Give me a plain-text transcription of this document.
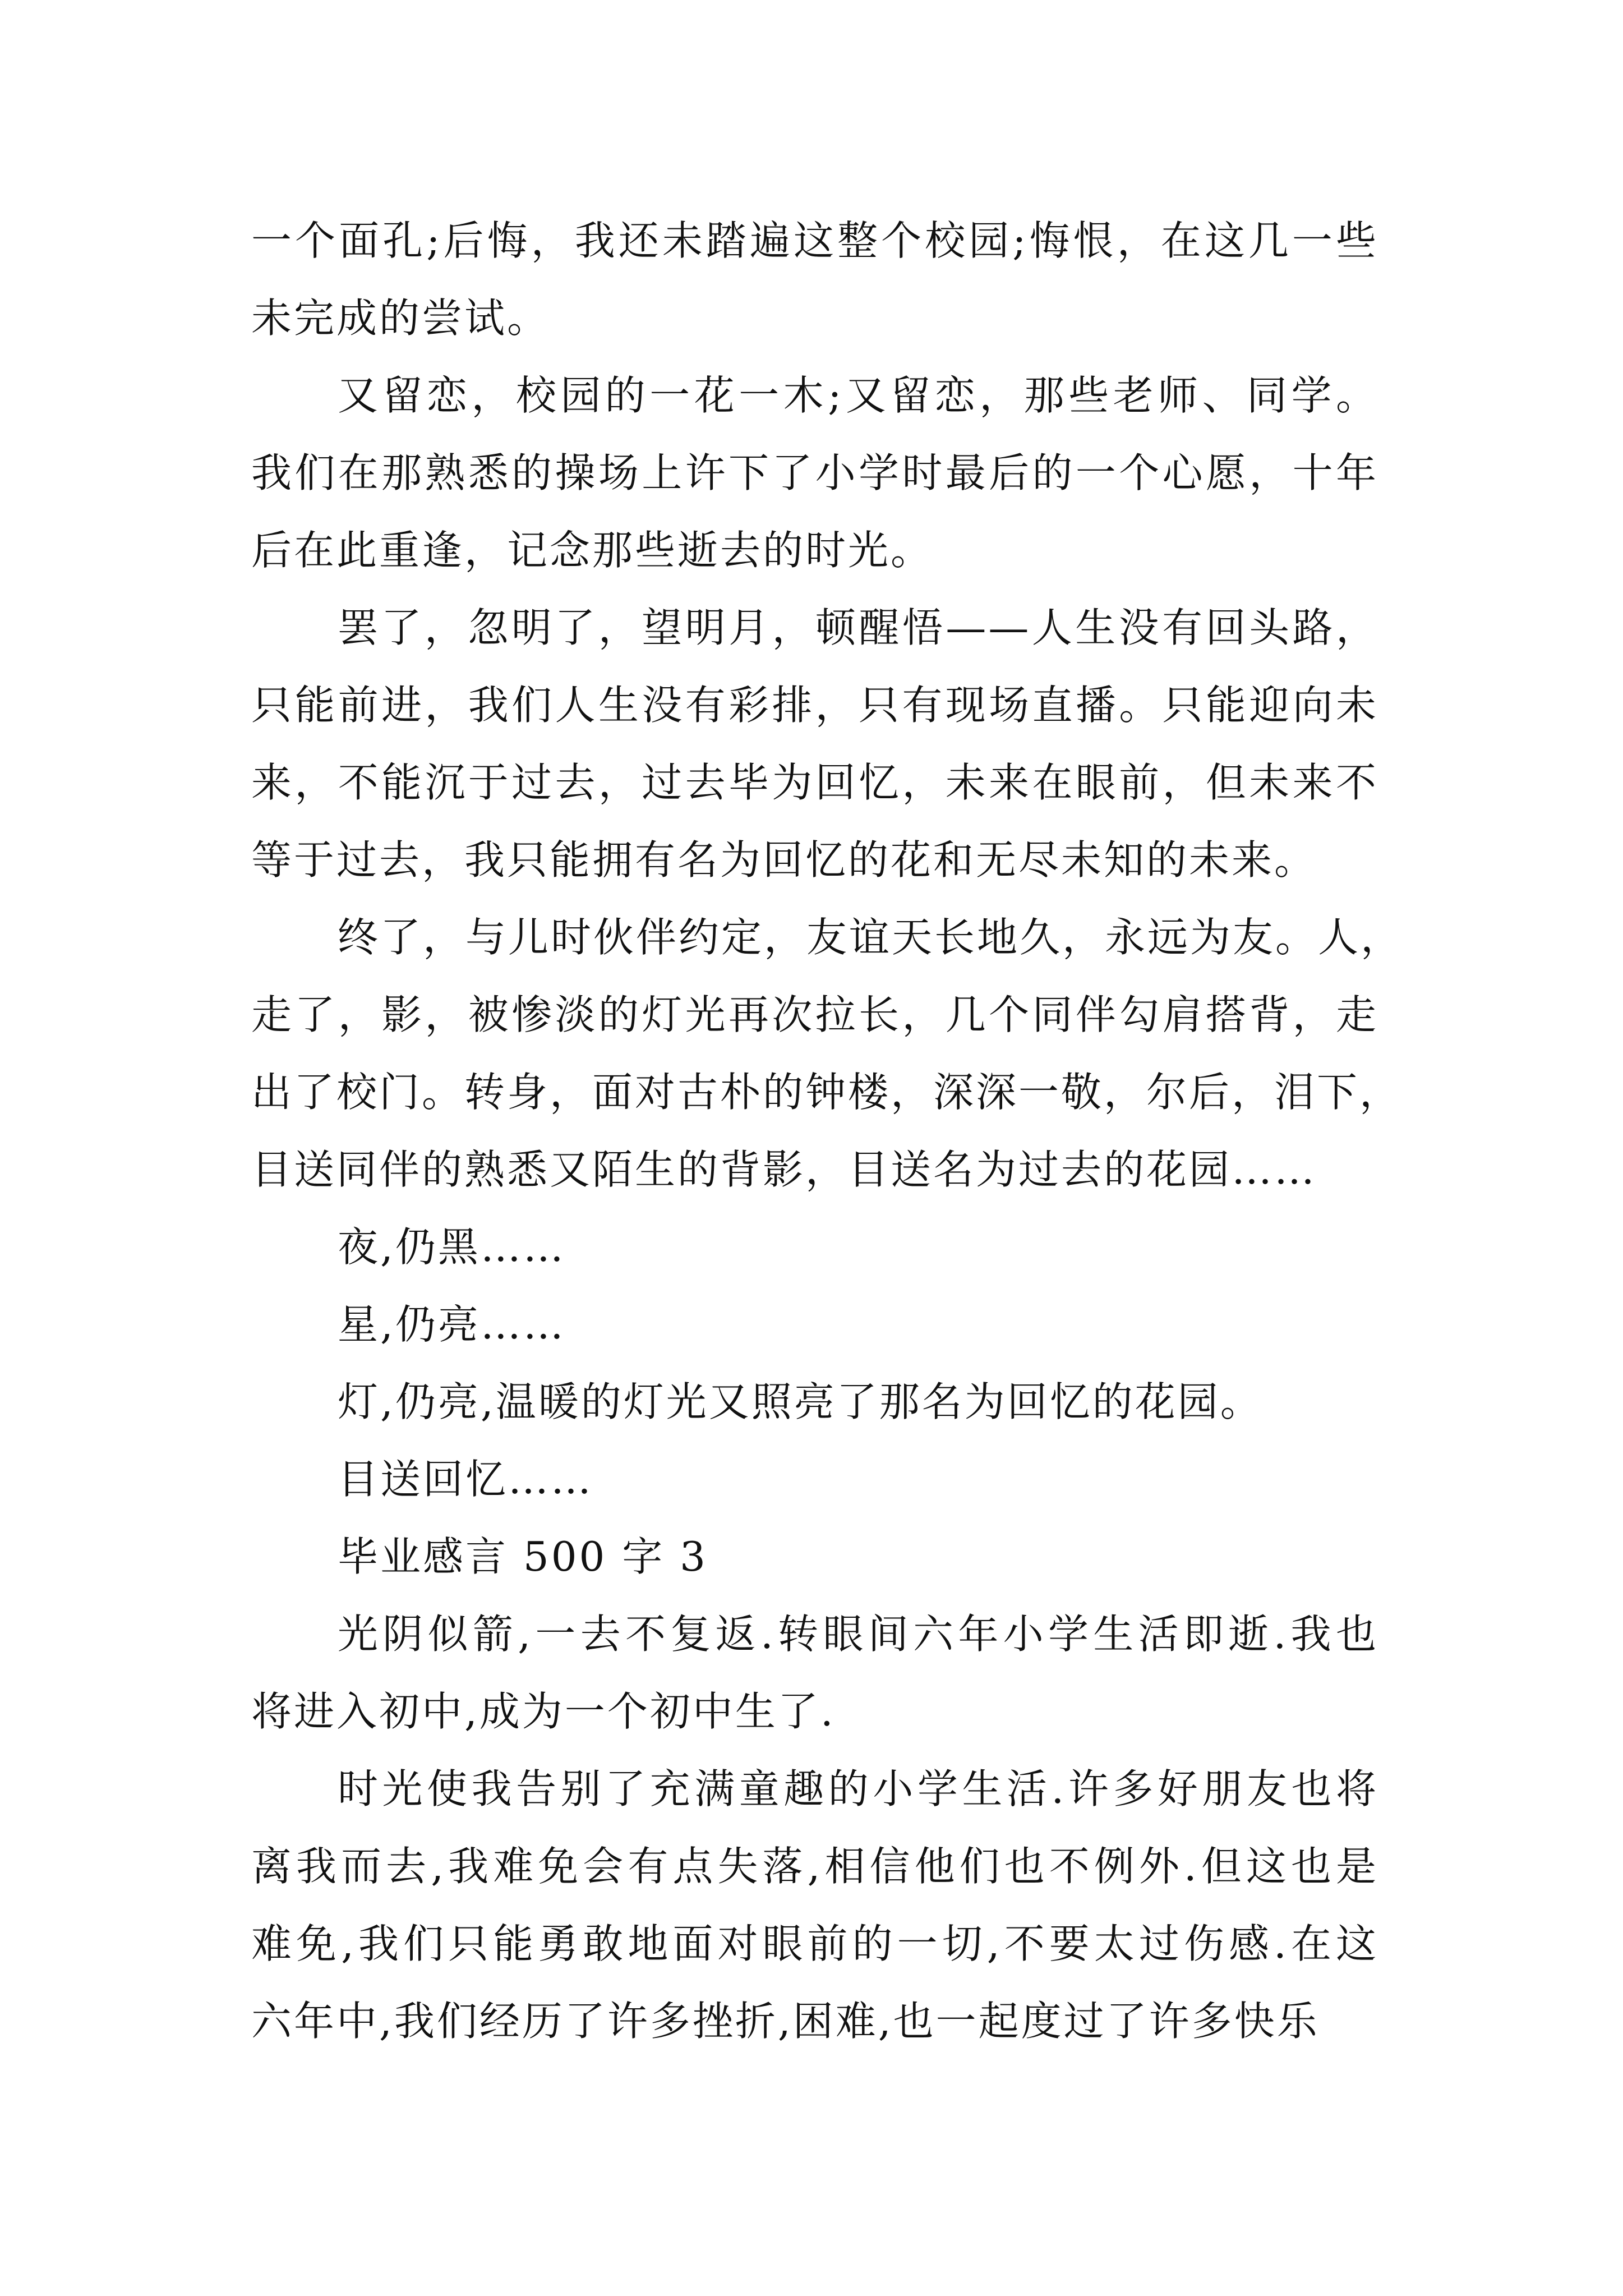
一个面孔;后悔，我还未踏遍这整个校园;悔恨，在这几一些
未完成的尝试。
又留恋，校园的一花一木;又留恋，那些老师、同学。
我们在那熟悉的操场上许下了小学时最后的一个心愿，十年
后在此重逢，记念那些逝去的时光。
罢了，忽明了，望明月，顿醒悟——人生没有回头路，
只能前进，我们人生没有彩排，只有现场直播。只能迎向未
来，不能沉于过去，过去毕为回忆，未来在眼前，但未来不
等于过去，我只能拥有名为回忆的花和无尽未知的未来。
终了，与儿时伙伴约定，友谊天长地久，永远为友。人，
走了，影，被惨淡的灯光再次拉长，几个同伴勾肩搭背，走
出了校门。转身，面对古朴的钟楼，深深一敬，尔后，泪下，
目送同伴的熟悉又陌生的背影，目送名为过去的花园……
夜,仍黑……
星,仍亮……
灯,仍亮,温暖的灯光又照亮了那名为回忆的花园。
目送回忆……
毕业感言 500 字 3
光阴似箭,一去不复返.转眼间六年小学生活即逝.我也
将进入初中,成为一个初中生了.
时光使我告别了充满童趣的小学生活.许多好朋友也将
离我而去,我难免会有点失落,相信他们也不例外.但这也是
难免,我们只能勇敢地面对眼前的一切,不要太过伤感.在这
六年中,我们经历了许多挫折,困难,也一起度过了许多快乐
